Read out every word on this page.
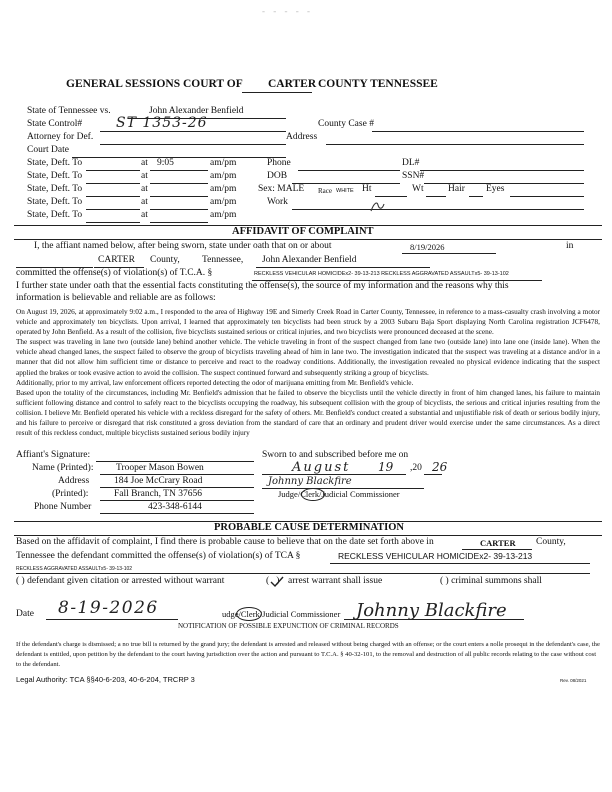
- - - - -
GENERAL SESSIONS COURT OF CARTER COUNTY TENNESSEE
State of Tennessee vs.	John Alexander Benfield
State Control# ST 1353-26	County Case #
Attorney for Def.	Address
Court Date
State, Deft. To	at 9:05	am/pm	Phone	DL#
State, Deft. To	at	am/pm	DOB	SSN#
State, Deft. To	at	am/pm Sex: MALE Race WHITE Ht	Wt	Hair Eyes
State, Deft. To	at	am/pm	Work
State, Deft. To	at	am/pm
AFFIDAVIT OF COMPLAINT
I, the affiant named below, after being sworn, state under oath that on or about	8/19/2026	in
CARTER County, Tennessee, John Alexander Benfield
committed the offense(s) of violation(s) of T.C.A. §	RECKLESS VEHICULAR HOMICIDEx2- 39-13-213 RECKLESS AGGRAVATED ASSAULTx5- 39-13-102
I further state under oath that the essential facts constituting the offense(s), the source of my information and the reasons why this
information is believable and reliable are as follows:

On August 19, 2026, at approximately 9:02 a.m., I responded to the area of Highway 19E and Simerly Creek Road in Carter County, Tennessee, in reference to a mass-casualty crash involving a motor vehicle and approximately ten bicyclists. Upon arrival, I learned that approximately ten bicyclists had been struck by a 2003 Subaru Baja Sport displaying North Carolina registration JCF6478, operated by John Benfield. As a result of the collision, five bicyclists sustained serious or critical injuries, and two bicyclists were pronounced deceased at the scene.

The suspect was traveling in lane two (outside lane) behind another vehicle. The vehicle traveling in front of the suspect changed from lane two (outside lane) into lane one (inside lane). When the vehicle ahead changed lanes, the suspect failed to observe the group of bicyclists traveling ahead of him in lane two. The investigation indicated that the suspect was traveling at a distance and/or in a manner that did not allow him sufficient time or distance to perceive and react to the roadway conditions. Additionally, the investigation revealed no physical evidence indicating that the suspect applied the brakes or took evasive action to avoid the collision. The suspect continued forward and subsequently striking a group of bicyclists.

Additionally, prior to my arrival, law enforcement officers reported detecting the odor of marijuana emitting from Mr. Benfield's vehicle.

Based upon the totality of the circumstances, including Mr. Benfield's admission that he failed to observe the bicyclists until the vehicle directly in front of him changed lanes, his failure to maintain sufficient following distance and control to safely react to the bicyclists occupying the roadway, his subsequent collision with the group of bicyclists, the serious and critical injuries resulting from the collision. I believe Mr. Benfield operated his vehicle with a reckless disregard for the safety of others. Mr. Benfield's conduct created a substantial and unjustifiable risk of death or serious bodily injury, and his failure to perceive or disregard that risk constituted a gross deviation from the standard of care that an ordinary and prudent driver would exercise under the same circumstances. As a direct result of this reckless conduct, multiple bicyclists sustained serious bodily injury

Affiant's Signature:
Name (Printed): Trooper Mason Bowen
Address	184 Joe McCrary Road
(Printed):	Fall Branch, TN 37656
Phone Number	423-348-6144
Sworn to and subscribed before me on
August 19 ,20 26
Johnny Blackfire
Judge/Clerk/Judicial Commissioner
PROBABLE CAUSE DETERMINATION
Based on the affidavit of complaint, I find there is probable cause to believe that on the date set forth above in	CARTER County,
Tennessee the defendant committed the offense(s) of violation(s) of TCA §	RECKLESS VEHICULAR HOMICIDEx2- 39-13-213
RECKLESS AGGRAVATED ASSAULTx5- 39-13-102
( ) defendant given citation or arrested without warrant	(   ) arrest warrant shall issue	( ) criminal summons shall
Date 8-19-2026	udge/Clerk/Judicial Commissioner Johnny Blackfire
NOTIFICATION OF POSSIBLE EXPUNCTION OF CRIMINAL RECORDS
If the defendant's charge is dismissed; a no true bill is returned by the grand jury; the defendant is arrested and released without being charged with an offense; or the court enters a nolle prosequi in the defendant's case, the defendant is entitled, upon petition by the defendant to the court having jurisdiction over the action and pursuant to T.C.A. § 40-32-101, to the removal and destruction of all public records relating to the case without cost to the defendant.
Legal Authority: TCA §§40-6-203, 40-6-204, TRCRP 3	Rev. 08/2021
